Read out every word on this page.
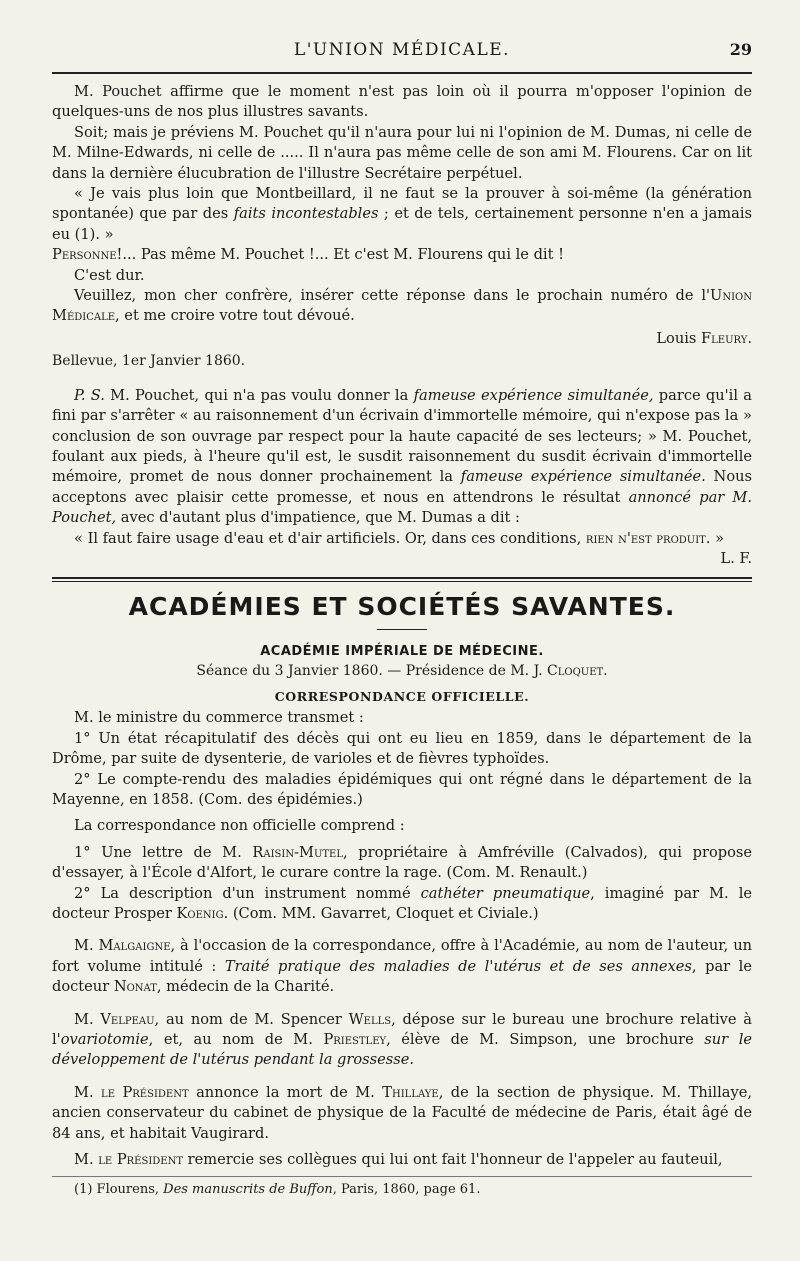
L'UNION MÉDICALE.	29

M. Pouchet affirme que le moment n'est pas loin où il pourra m'opposer l'opinion de quelques-uns de nos plus illustres savants.

Soit; mais je préviens M. Pouchet qu'il n'aura pour lui ni l'opinion de M. Dumas, ni celle de M. Milne-Edwards, ni celle de ..... Il n'aura pas même celle de son ami M. Flourens. Car on lit dans la dernière élucubration de l'illustre Secrétaire perpétuel.

« Je vais plus loin que Montbeillard, il ne faut se la prouver à soi-même (la génération spontanée) que par des faits incontestables ; et de tels, certainement personne n'en a jamais eu (1). »

Personne!... Pas même M. Pouchet !... Et c'est M. Flourens qui le dit !

C'est dur.

Veuillez, mon cher confrère, insérer cette réponse dans le prochain numéro de l'Union Médicale, et me croire votre tout dévoué.

Louis Fleury.

Bellevue, 1er Janvier 1860.

P. S. M. Pouchet, qui n'a pas voulu donner la fameuse expérience simultanée, parce qu'il a fini par s'arrêter « au raisonnement d'un écrivain d'immortelle mémoire, qui n'expose pas la » conclusion de son ouvrage par respect pour la haute capacité de ses lecteurs; » M. Pouchet, foulant aux pieds, à l'heure qu'il est, le susdit raisonnement du susdit écrivain d'immortelle mémoire, promet de nous donner prochainement la fameuse expérience simultanée. Nous acceptons avec plaisir cette promesse, et nous en attendrons le résultat annoncé par M. Pouchet, avec d'autant plus d'impatience, que M. Dumas a dit :

« Il faut faire usage d'eau et d'air artificiels. Or, dans ces conditions, rien n'est produit. »

L. F.

ACADÉMIES ET SOCIÉTÉS SAVANTES.
ACADÉMIE IMPÉRIALE DE MÉDECINE.
Séance du 3 Janvier 1860. — Présidence de M. J. Cloquet.
CORRESPONDANCE OFFICIELLE.

M. le ministre du commerce transmet :

1° Un état récapitulatif des décès qui ont eu lieu en 1859, dans le département de la Drôme, par suite de dysenterie, de varioles et de fièvres typhoïdes.

2° Le compte-rendu des maladies épidémiques qui ont régné dans le département de la Mayenne, en 1858. (Com. des épidémies.)

La correspondance non officielle comprend :

1° Une lettre de M. Raisin-Mutel, propriétaire à Amfréville (Calvados), qui propose d'essayer, à l'École d'Alfort, le curare contre la rage. (Com. M. Renault.)

2° La description d'un instrument nommé cathéter pneumatique, imaginé par M. le docteur Prosper Koenig. (Com. MM. Gavarret, Cloquet et Civiale.)

M. Malgaigne, à l'occasion de la correspondance, offre à l'Académie, au nom de l'auteur, un fort volume intitulé : Traité pratique des maladies de l'utérus et de ses annexes, par le docteur Nonat, médecin de la Charité.

M. Velpeau, au nom de M. Spencer Wells, dépose sur le bureau une brochure relative à l'ovariotomie, et, au nom de M. Priestley, élève de M. Simpson, une brochure sur le développement de l'utérus pendant la grossesse.

M. le Président annonce la mort de M. Thillaye, de la section de physique. M. Thillaye, ancien conservateur du cabinet de physique de la Faculté de médecine de Paris, était âgé de 84 ans, et habitait Vaugirard.

M. le Président remercie ses collègues qui lui ont fait l'honneur de l'appeler au fauteuil,

(1) Flourens, Des manuscrits de Buffon, Paris, 1860, page 61.
